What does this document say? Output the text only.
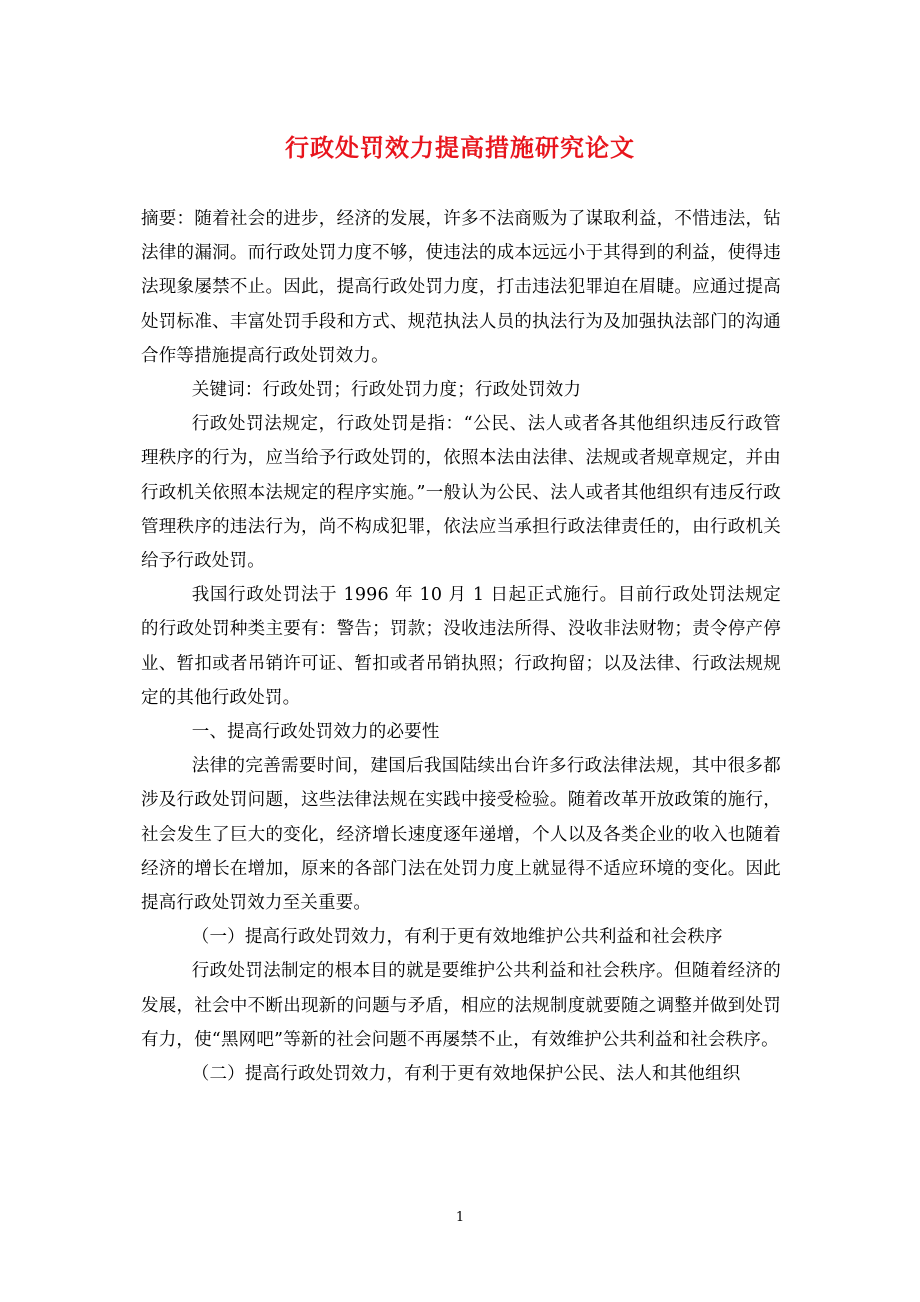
行政处罚效力提高措施研究论文

摘要：随着社会的进步，经济的发展，许多不法商贩为了谋取利益，不惜违法，钻法律的漏洞。而行政处罚力度不够，使违法的成本远远小于其得到的利益，使得违法现象屡禁不止。因此，提高行政处罚力度，打击违法犯罪迫在眉睫。应通过提高处罚标准、丰富处罚手段和方式、规范执法人员的执法行为及加强执法部门的沟通合作等措施提高行政处罚效力。

关键词：行政处罚；行政处罚力度；行政处罚效力

行政处罚法规定，行政处罚是指：“公民、法人或者各其他组织违反行政管理秩序的行为，应当给予行政处罚的，依照本法由法律、法规或者规章规定，并由行政机关依照本法规定的程序实施。”一般认为公民、法人或者其他组织有违反行政管理秩序的违法行为，尚不构成犯罪，依法应当承担行政法律责任的，由行政机关给予行政处罚。

我国行政处罚法于 1996 年 10 月 1 日起正式施行。目前行政处罚法规定的行政处罚种类主要有：警告；罚款；没收违法所得、没收非法财物；责令停产停业、暂扣或者吊销许可证、暂扣或者吊销执照；行政拘留；以及法律、行政法规规定的其他行政处罚。

一、提高行政处罚效力的必要性

法律的完善需要时间，建国后我国陆续出台许多行政法律法规，其中很多都涉及行政处罚问题，这些法律法规在实践中接受检验。随着改革开放政策的施行，社会发生了巨大的变化，经济增长速度逐年递增，个人以及各类企业的收入也随着经济的增长在增加，原来的各部门法在处罚力度上就显得不适应环境的变化。因此提高行政处罚效力至关重要。

（一）提高行政处罚效力，有利于更有效地维护公共利益和社会秩序

行政处罚法制定的根本目的就是要维护公共利益和社会秩序。但随着经济的发展，社会中不断出现新的问题与矛盾，相应的法规制度就要随之调整并做到处罚有力，使“黑网吧”等新的社会问题不再屡禁不止，有效维护公共利益和社会秩序。

（二）提高行政处罚效力，有利于更有效地保护公民、法人和其他组织

1
